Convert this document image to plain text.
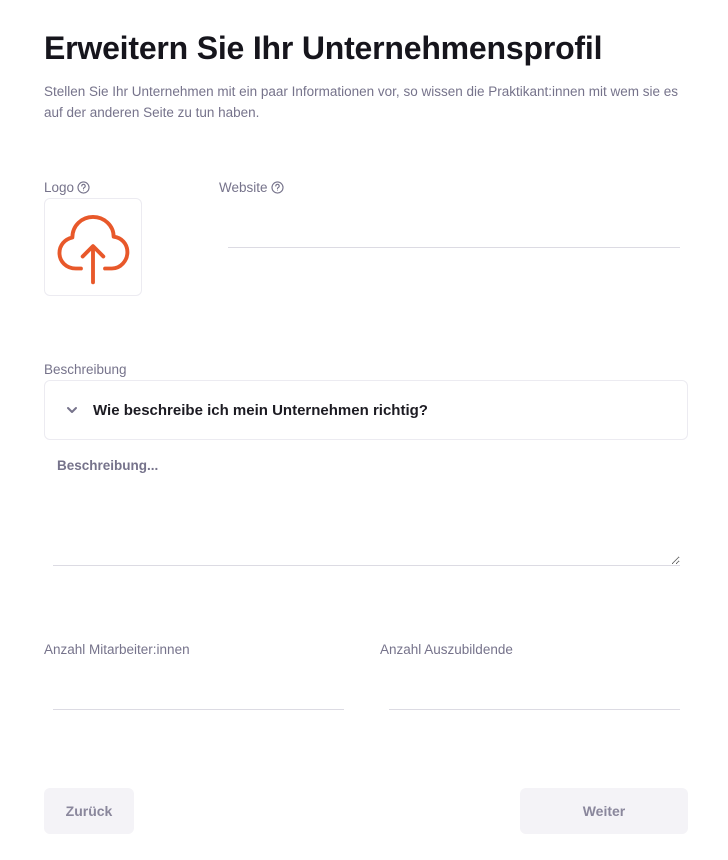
Erweitern Sie Ihr Unternehmensprofil

Stellen Sie Ihr Unternehmen mit ein paar Informationen vor, so wissen die Praktikant:innen mit wem sie es auf der anderen Seite zu tun haben.

Logo	Website
Beschreibung
Wie beschreibe ich mein Unternehmen richtig?
Beschreibung...
Anzahl Mitarbeiter:innen	Anzahl Auszubildende
Zurück	Weiter
